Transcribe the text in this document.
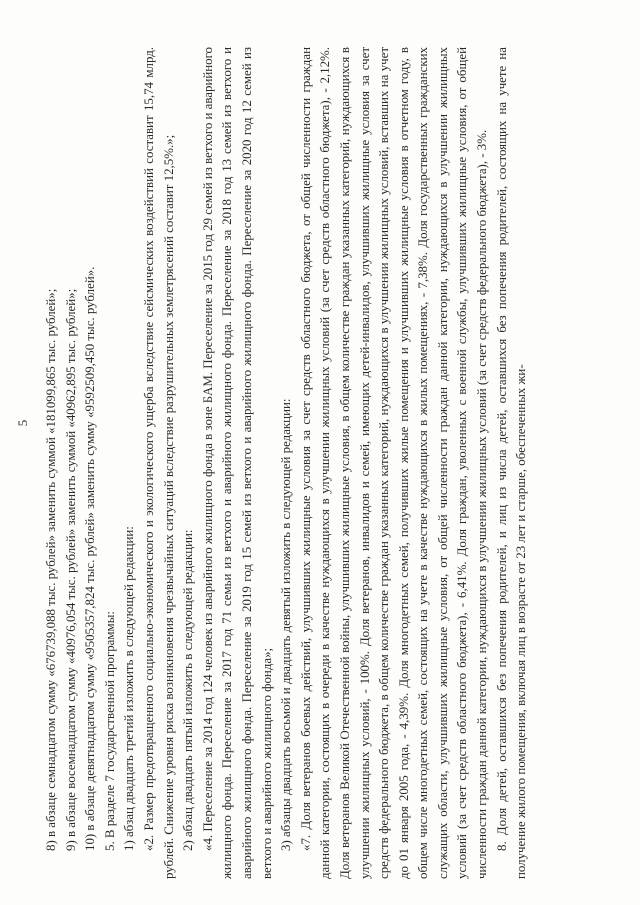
5	8) в абзаце семнадцатом сумму «676739,088 тыс. рублей» заменить суммой «181099,865 тыс. рублей»; 9) в абзаце восемнадцатом сумму «40976,054 тыс. рублей» заменить суммой «40962,895 тыс. рублей»; 10) в абзаце девятнадцатом сумму «9505357,824 тыс. рублей» заменить сумму «9592509,450 тыс. рублей». 5. В разделе 7 государственной программы: 1) абзац двадцать третий изложить в следующей редакции: «2. Размер предотвращенного социально-экономического и экологического ущерба вследствие сейсмических воздействий составит 15,74 млрд. рублей. Снижение уровня риска возникновения чрезвычайных ситуаций вследствие разрушительных землетрясений составит 12,5%.»; 2) абзац двадцать пятый изложить в следующей редакции: «4. Переселение за 2014 год 124 человек из аварийного жилищного фонда в зоне БАМ. Переселение за 2015 год 29 семей из ветхого и аварийного жилищного фонда. Переселение за 2017 год 71 семьи из ветхого и аварийного жилищного фонда. Переселение за 2018 год 13 семей из ветхого и аварийного жилищного фонда. Переселение за 2019 год 15 семей из ветхого и аварийного жилищного фонда. Переселение за 2020 год 12 семей из ветхого и аварийного жилищного фонда»; 3) абзацы двадцать восьмой и двадцать девятый изложить в следующей редакции: «7. Доля ветеранов боевых действий, улучшивших жилищные условия за счет средств областного бюджета, от общей численности граждан данной категории, состоящих в очереди в качестве нуждающихся в улучшении жилищных условий (за счет средств областного бюджета), - 2,12%. Доля ветеранов Великой Отечественной войны, улучшивших жилищные условия, в общем количестве граждан указанных категорий, нуждающихся в улучшении жилищных условий, - 100%. Доля ветеранов, инвалидов и семей, имеющих детей-инвалидов, улучшивших жилищные условия за счет средств федерального бюджета, в общем количестве граждан указанных категорий, нуждающихся в улучшении жилищных условий, вставших на учет до 01 января 2005 года, - 4,39%. Доля многодетных семей, получивших жилые помещения и улучшивших жилищные условия в отчетном году, в общем числе многодетных семей, состоящих на учете в качестве нуждающихся в жилых помещениях, - 7,38%. Доля государственных гражданских служащих области, улучшивших жилищные условия, от общей численности граждан данной категории, нуждающихся в улучшении жилищных условий (за счет средств областного бюджета), - 6,41%. Доля граждан, уволенных с военной службы, улучшивших жилищные условия, от общей численности граждан данной категории, нуждающихся в улучшении жилищных условий (за счет средств федерального бюджета), - 3%. 8. Доля детей, оставшихся без попечения родителей, и лиц из числа детей, оставшихся без попечения родителей, состоящих на учете на получение жилого помещения, включая лиц в возрасте от 23 лет и старше, обеспеченных жи-
